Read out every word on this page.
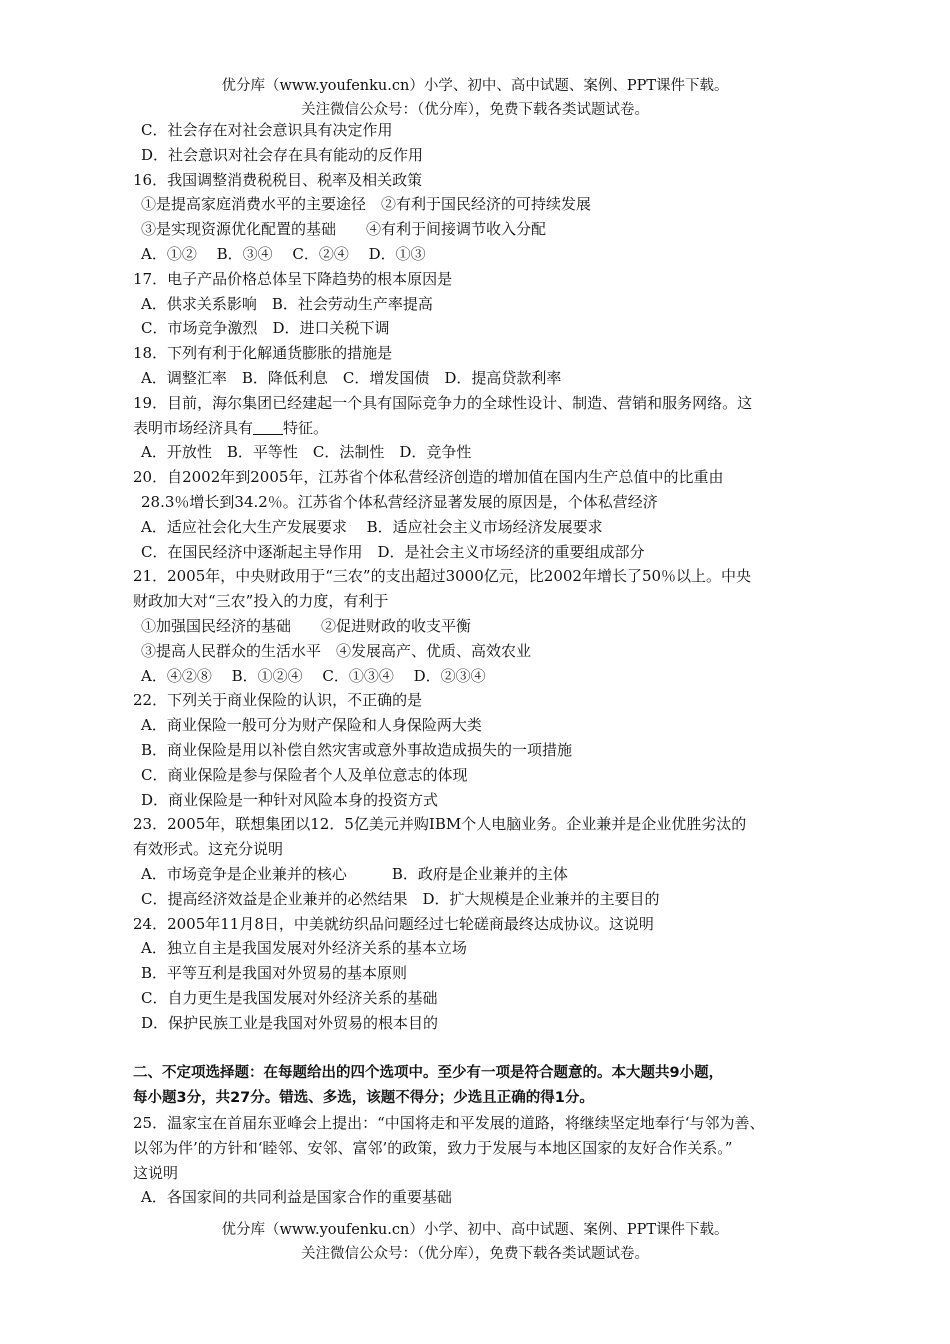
优分库（www.youfenku.cn）小学、初中、高中试题、案例、PPT课件下载。
关注微信公众号：（优分库），免费下载各类试题试卷。
C．社会存在对社会意识具有决定作用
D．社会意识对社会存在具有能动的反作用
16．我国调整消费税税目、税率及相关政策
①是提高家庭消费水平的主要途径　②有利于国民经济的可持续发展
③是实现资源优化配置的基础　　④有利于间接调节收入分配
A．①②　 B．③④　 C．②④　 D．①③
17．电子产品价格总体呈下降趋势的根本原因是
A．供求关系影响　B．社会劳动生产率提高
C．市场竞争激烈　D．进口关税下调
18．下列有利于化解通货膨胀的措施是
A．调整汇率　B．降低利息　C．增发国债　D．提高贷款利率
19．目前，海尔集团已经建起一个具有国际竞争力的全球性设计、制造、营销和服务网络。这
表明市场经济具有　　 特征。
A．开放性　B．平等性　C．法制性　D．竞争性
20．自2002年到2005年，江苏省个体私营经济创造的增加值在国内生产总值中的比重由
28.3％增长到34.2％。江苏省个体私营经济显著发展的原因是，个体私营经济
A．适应社会化大生产发展要求　 B．适应社会主义市场经济发展要求
C．在国民经济中逐渐起主导作用　D．是社会主义市场经济的重要组成部分
21．2005年，中央财政用于“三农”的支出超过3000亿元，比2002年增长了50％以上。中央
财政加大对“三农”投入的力度，有利于
①加强国民经济的基础　　②促进财政的收支平衡
③提高人民群众的生活水平　④发展高产、优质、高效农业
A．④②⑧　 B．①②④　 C．①③④　 D．②③④
22．下列关于商业保险的认识，不正确的是
A．商业保险一般可分为财产保险和人身保险两大类
B．商业保险是用以补偿自然灾害或意外事故造成损失的一项措施
C．商业保险是参与保险者个人及单位意志的体现
D．商业保险是一种针对风险本身的投资方式
23．2005年，联想集团以12．5亿美元并购IBM个人电脑业务。企业兼并是企业优胜劣汰的
有效形式。这充分说明
A．市场竞争是企业兼并的核心　　　B．政府是企业兼并的主体
C．提高经济效益是企业兼并的必然结果　D．扩大规模是企业兼并的主要目的
24．2005年11月8日，中美就纺织品问题经过七轮磋商最终达成协议。这说明
A．独立自主是我国发展对外经济关系的基本立场
B．平等互利是我国对外贸易的基本原则
C．自力更生是我国发展对外经济关系的基础
D．保护民族工业是我国对外贸易的根本目的
二、不定项选择题：在每题给出的四个选项中。至少有一项是符合题意的。本大题共9小题，
每小题3分，共27分。错选、多选，该题不得分；少选且正确的得1分。
25．温家宝在首届东亚峰会上提出：“中国将走和平发展的道路，将继续坚定地奉行‘与邻为善、
以邻为伴’的方针和‘睦邻、安邻、富邻’的政策，致力于发展与本地区国家的友好合作关系。”
这说明
A．各国家间的共同利益是国家合作的重要基础
优分库（www.youfenku.cn）小学、初中、高中试题、案例、PPT课件下载。
关注微信公众号：（优分库），免费下载各类试题试卷。
